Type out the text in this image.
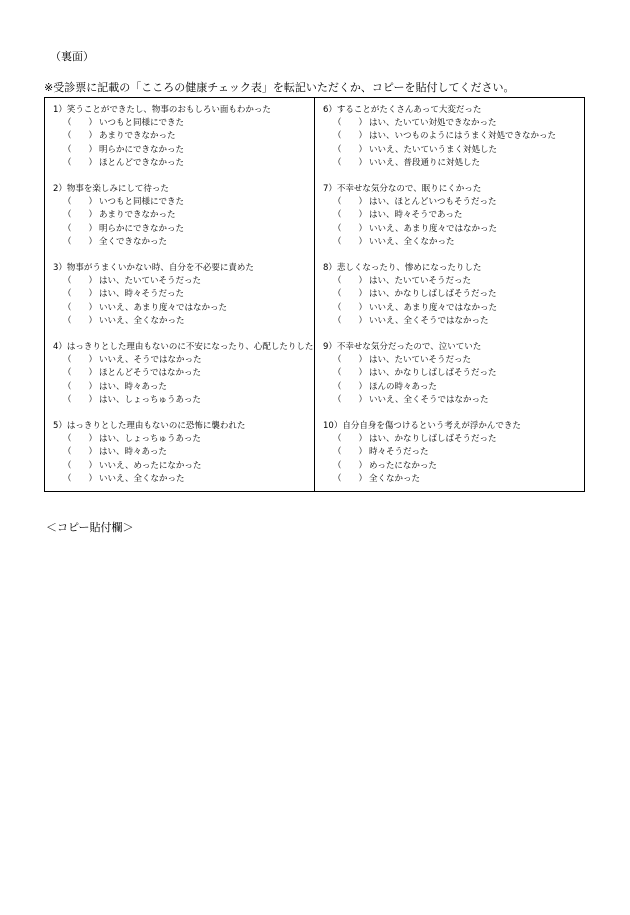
（裏面）
※受診票に記載の「こころの健康チェック表」を転記いただくか、コピーを貼付してください。
1）笑うことができたし、物事のおもしろい面もわかった
（　　） いつもと同様にできた
（　　） あまりできなかった
（　　） 明らかにできなかった
（　　） ほとんどできなかった
2）物事を楽しみにして待った
（　　） いつもと同様にできた
（　　） あまりできなかった
（　　） 明らかにできなかった
（　　） 全くできなかった
3）物事がうまくいかない時、自分を不必要に責めた
（　　） はい、たいていそうだった
（　　） はい、時々そうだった
（　　） いいえ、あまり度々ではなかった
（　　） いいえ、全くなかった
4）はっきりとした理由もないのに不安になったり、心配したりした
（　　） いいえ、そうではなかった
（　　） ほとんどそうではなかった
（　　） はい、時々あった
（　　） はい、しょっちゅうあった
5）はっきりとした理由もないのに恐怖に襲われた
（　　） はい、しょっちゅうあった
（　　） はい、時々あった
（　　） いいえ、めったになかった
（　　） いいえ、全くなかった
6）することがたくさんあって大変だった
（　　） はい、たいてい対処できなかった
（　　） はい、いつものようにはうまく対処できなかった
（　　） いいえ、たいていうまく対処した
（　　） いいえ、普段通りに対処した
7）不幸せな気分なので、眠りにくかった
（　　） はい、ほとんどいつもそうだった
（　　） はい、時々そうであった
（　　） いいえ、あまり度々ではなかった
（　　） いいえ、全くなかった
8）悲しくなったり、惨めになったりした
（　　） はい、たいていそうだった
（　　） はい、かなりしばしばそうだった
（　　） いいえ、あまり度々ではなかった
（　　） いいえ、全くそうではなかった
9）不幸せな気分だったので、泣いていた
（　　） はい、たいていそうだった
（　　） はい、かなりしばしばそうだった
（　　） ほんの時々あった
（　　） いいえ、全くそうではなかった
10）自分自身を傷つけるという考えが浮かんできた
（　　） はい、かなりしばしばそうだった
（　　） 時々そうだった
（　　） めったになかった
（　　） 全くなかった
＜コピー貼付欄＞
